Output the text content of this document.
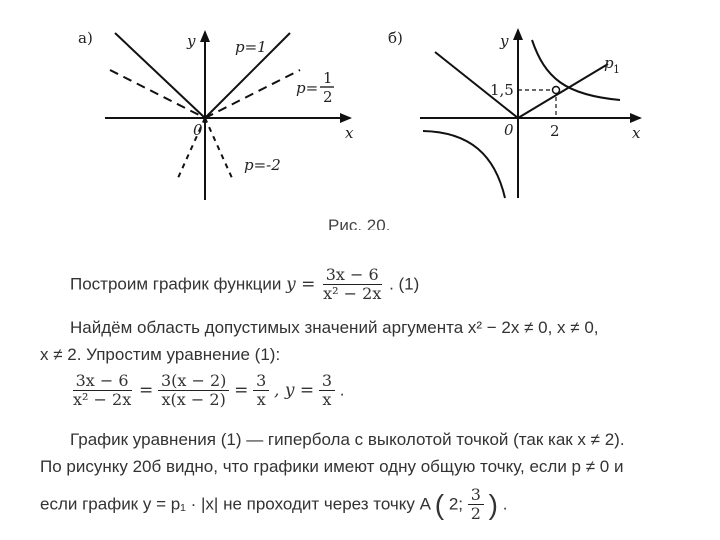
а)	y
x
0
p=1
p=
1
2
p=-2
б)	y
x
0
1,5
2
p 1
Рис. 20.
Построим график функции $y = \frac{3x - 6}{\text{x² − 2x}}$ . (1)
Найдём область допустимых значений аргумента x² − 2x ≠ 0, x ≠ 0,
x ≠ 2. Упростим уравнение (1):
$\frac{3x - 6}{\text{x² − 2x}} = \frac{3(x - 2)}{x(x - 2)} = \frac{3}{x}$ , $y = \frac{3}{x}$ .
График уравнения (1) — гипербола с выколотой точкой (так как x ≠ 2).
По рисунку 20б видно, что графики имеют одну общую точку, если p ≠ 0 и
если график y = p₁ · |x| не проходит через точку A ( 2; $\frac{3}{2}$ ) .
